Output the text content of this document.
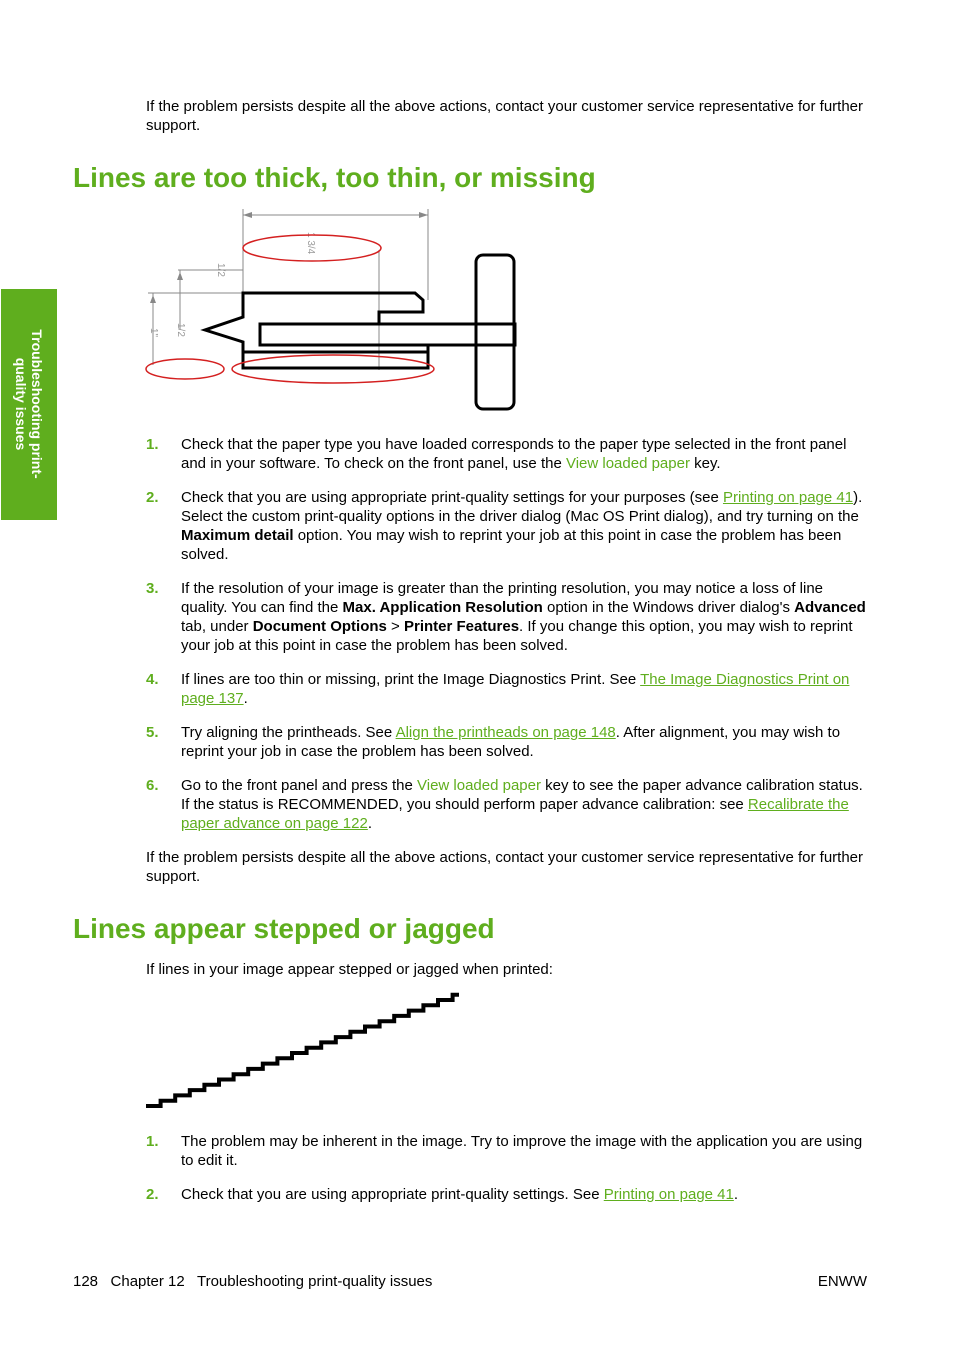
If the problem persists despite all the above actions, contact your customer service representative for further support.
Troubleshooting print-
quality issues
Lines are too thick, too thin, or missing
1 3/4
1/2
1/2
1"
1.	Check that the paper type you have loaded corresponds to the paper type selected in the front panel and in your software. To check on the front panel, use the View loaded paper key.
2.	Check that you are using appropriate print-quality settings for your purposes (see Printing on page 41). Select the custom print-quality options in the driver dialog (Mac OS Print dialog), and try turning on the Maximum detail option. You may wish to reprint your job at this point in case the problem has been solved.
3.	If the resolution of your image is greater than the printing resolution, you may notice a loss of line quality. You can find the Max. Application Resolution option in the Windows driver dialog's Advanced tab, under Document Options > Printer Features. If you change this option, you may wish to reprint your job at this point in case the problem has been solved.
4.	If lines are too thin or missing, print the Image Diagnostics Print. See The Image Diagnostics Print on page 137.
5.	Try aligning the printheads. See Align the printheads on page 148. After alignment, you may wish to reprint your job in case the problem has been solved.
6.	Go to the front panel and press the View loaded paper key to see the paper advance calibration status. If the status is RECOMMENDED, you should perform paper advance calibration: see Recalibrate the paper advance on page 122.
If the problem persists despite all the above actions, contact your customer service representative for further support.
Lines appear stepped or jagged
If lines in your image appear stepped or jagged when printed:
1.	The problem may be inherent in the image. Try to improve the image with the application you are using to edit it.
2.	Check that you are using appropriate print-quality settings. See Printing on page 41.
128   Chapter 12   Troubleshooting print-quality issues	ENWW
